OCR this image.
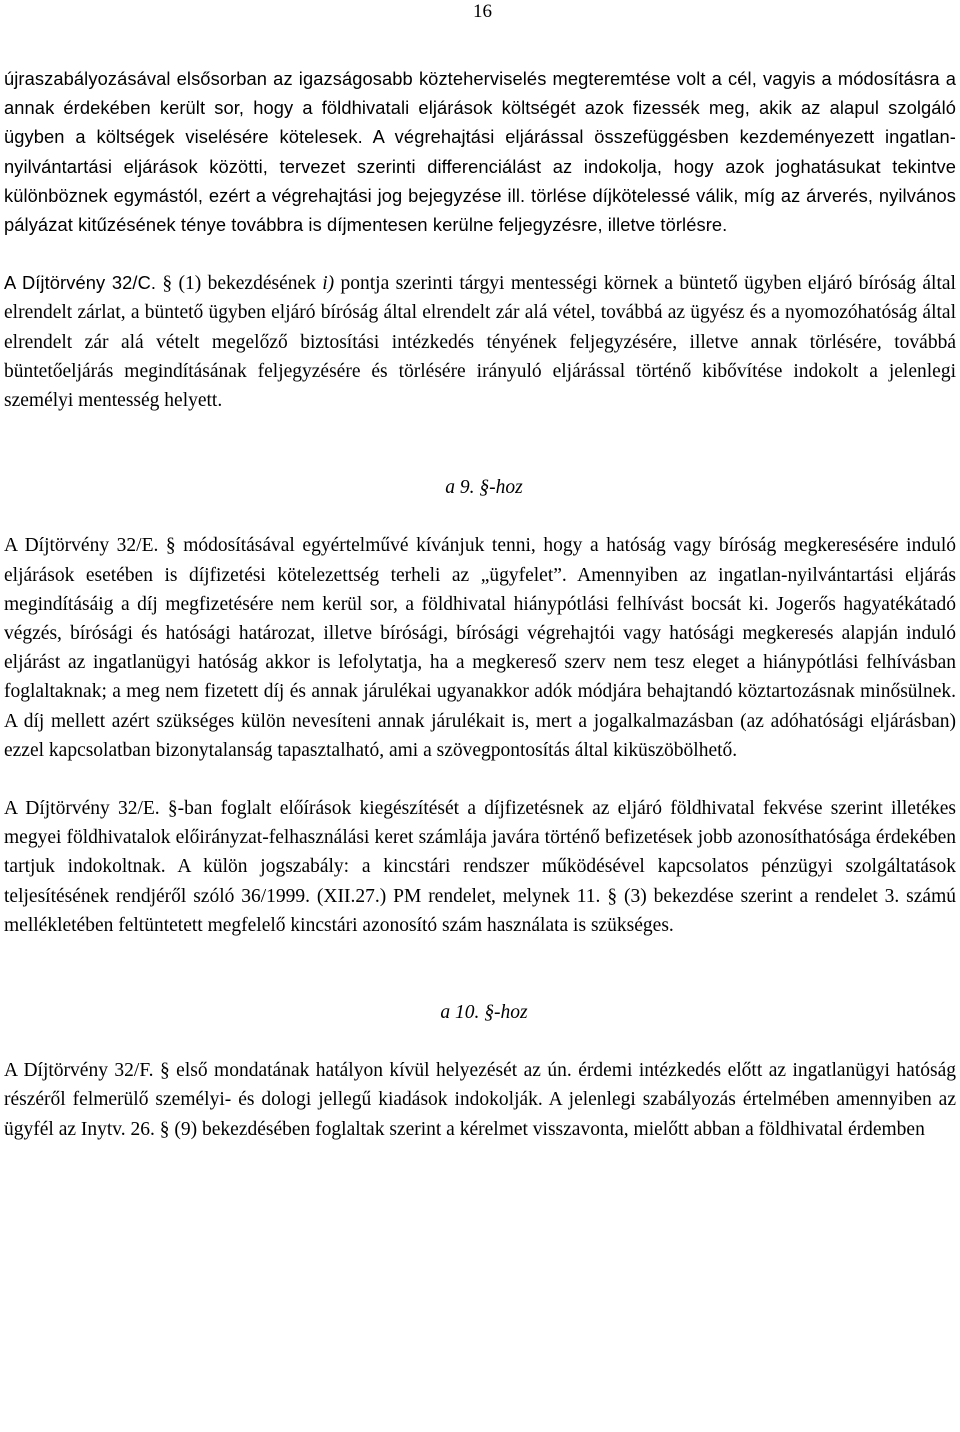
16

újraszabályozásával elsősorban az igazságosabb közteherviselés megteremtése volt a cél, vagyis a módosításra a annak érdekében került sor, hogy a földhivatali eljárások költségét azok fizessék meg, akik az alapul szolgáló ügyben a költségek viselésére kötelesek. A végrehajtási eljárással összefüggésben kezdeményezett ingatlan-nyilvántartási eljárások közötti, tervezet szerinti differenciálást az indokolja, hogy azok joghatásukat tekintve különböznek egymástól, ezért a végrehajtási jog bejegyzése ill. törlése díjkötelessé válik, míg az árverés, nyilvános pályázat kitűzésének ténye továbbra is díjmentesen kerülne feljegyzésre, illetve törlésre.

A Díjtörvény 32/C. § (1) bekezdésének i) pontja szerinti tárgyi mentességi körnek a büntető ügyben eljáró bíróság által elrendelt zárlat, a büntető ügyben eljáró bíróság által elrendelt zár alá vétel, továbbá az ügyész és a nyomozóhatóság által elrendelt zár alá vételt megelőző biztosítási intézkedés tényének feljegyzésére, illetve annak törlésére, továbbá büntetőeljárás megindításának feljegyzésére és törlésére irányuló eljárással történő kibővítése indokolt a jelenlegi személyi mentesség helyett.

a 9. §-hoz

A Díjtörvény 32/E. § módosításával egyértelművé kívánjuk tenni, hogy a hatóság vagy bíróság megkeresésére induló eljárások esetében is díjfizetési kötelezettség terheli az „ügyfelet”. Amennyiben az ingatlan-nyilvántartási eljárás megindításáig a díj megfizetésére nem kerül sor, a földhivatal hiánypótlási felhívást bocsát ki. Jogerős hagyatékátadó végzés, bírósági és hatósági határozat, illetve bírósági, bírósági végrehajtói vagy hatósági megkeresés alapján induló eljárást az ingatlanügyi hatóság akkor is lefolytatja, ha a megkereső szerv nem tesz eleget a hiánypótlási felhívásban foglaltaknak; a meg nem fizetett díj és annak járulékai ugyanakkor adók módjára behajtandó köztartozásnak minősülnek. A díj mellett azért szükséges külön nevesíteni annak járulékait is, mert a jogalkalmazásban (az adóhatósági eljárásban) ezzel kapcsolatban bizonytalanság tapasztalható, ami a szövegpontosítás által kiküszöbölhető.

A Díjtörvény 32/E. §-ban foglalt előírások kiegészítését a díjfizetésnek az eljáró földhivatal fekvése szerint illetékes megyei földhivatalok előirányzat-felhasználási keret számlája javára történő befizetések jobb azonosíthatósága érdekében tartjuk indokoltnak. A külön jogszabály: a kincstári rendszer működésével kapcsolatos pénzügyi szolgáltatások teljesítésének rendjéről szóló 36/1999. (XII.27.) PM rendelet, melynek 11. § (3) bekezdése szerint a rendelet 3. számú mellékletében feltüntetett megfelelő kincstári azonosító szám használata is szükséges.

a 10. §-hoz

A Díjtörvény 32/F. § első mondatának hatályon kívül helyezését az ún. érdemi intézkedés előtt az ingatlanügyi hatóság részéről felmerülő személyi- és dologi jellegű kiadások indokolják. A jelenlegi szabályozás értelmében amennyiben az ügyfél az Inytv. 26. § (9) bekezdésében foglaltak szerint a kérelmet visszavonta, mielőtt abban a földhivatal érdemben
